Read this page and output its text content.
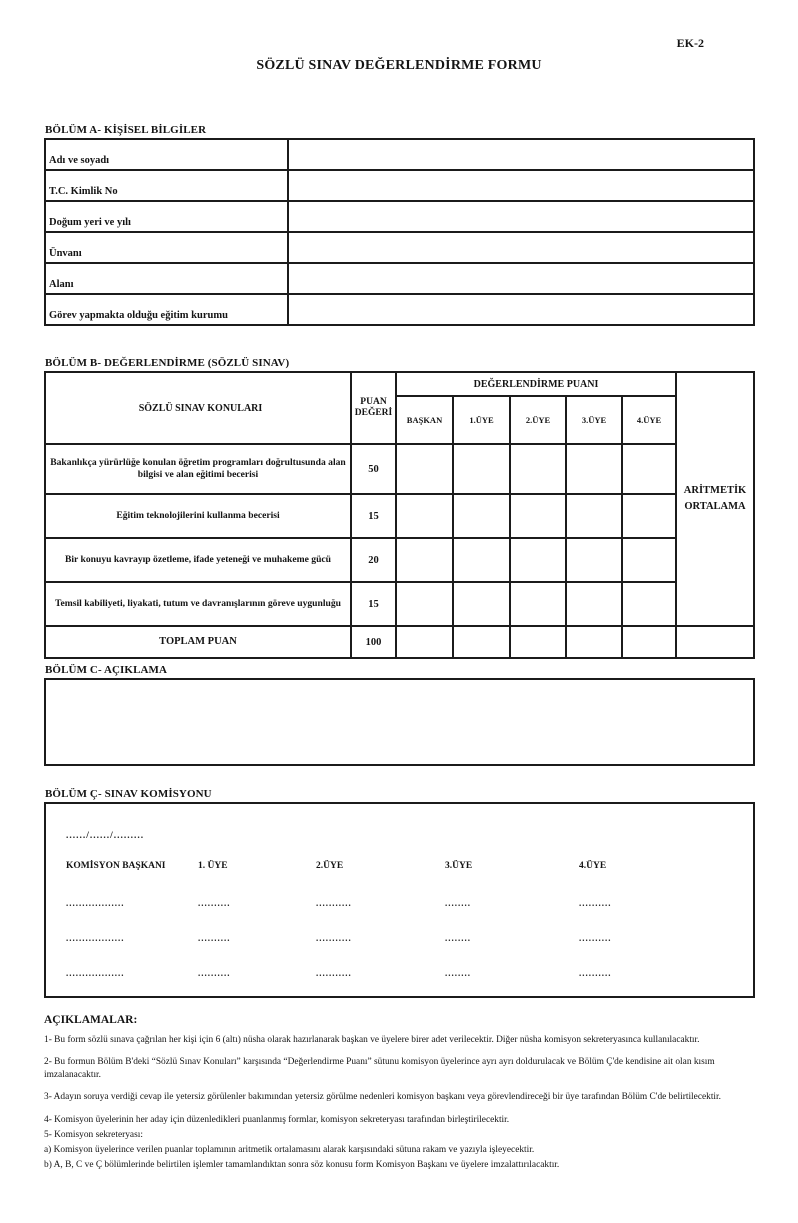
EK-2
SÖZLÜ SINAV DEĞERLENDİRME FORMU
BÖLÜM A- KİŞİSEL BİLGİLER
Adı ve soyadı	
T.C. Kimlik No	
Doğum yeri ve yılı	
Ünvanı	
Alanı	
Görev yapmakta olduğu eğitim kurumu	
BÖLÜM B- DEĞERLENDİRME (SÖZLÜ SINAV)
SÖZLÜ SINAV KONULARI	PUAN DEĞERİ	DEĞERLENDİRME PUANI					ARİTMETİK ORTALAMA
		BAŞKAN	1.ÜYE	2.ÜYE	3.ÜYE	4.ÜYE	
Bakanlıkça yürürlüğe konulan öğretim programları doğrultusunda alan bilgisi ve alan eğitimi becerisi	50						
Eğitim teknolojilerini kullanma becerisi	15						
Bir konuyu kavrayıp özetleme, ifade yeteneği ve muhakeme gücü	20						
Temsil kabiliyeti, liyakati, tutum ve davranışlarının göreve uygunluğu	15						
TOPLAM PUAN	100						
BÖLÜM C- AÇIKLAMA
BÖLÜM Ç- SINAV KOMİSYONU
....../....../.........
KOMİSYON BAŞKANI	1. ÜYE	2.ÜYE	3.ÜYE	4.ÜYE
..................	..........	...........	........	..........
..................	..........	...........	........	..........
..................	..........	...........	........	..........
AÇIKLAMALAR:
1- Bu form sözlü sınava çağrılan her kişi için 6 (altı) nüsha olarak hazırlanarak başkan ve üyelere birer adet verilecektir. Diğer nüsha komisyon sekreteryasınca kullanılacaktır.
2- Bu formun Bölüm B'deki “Sözlü Sınav Konuları” karşısında “Değerlendirme Puanı” sütunu komisyon üyelerince ayrı ayrı doldurulacak ve Bölüm Ç'de kendisine ait olan kısım imzalanacaktır.
3- Adayın soruya verdiği cevap ile yetersiz görülenler bakımından yetersiz görülme nedenleri komisyon başkanı veya görevlendireceği bir üye tarafından Bölüm C'de belirtilecektir.
4- Komisyon üyelerinin her aday için düzenledikleri puanlanmış formlar, komisyon sekreteryası tarafından birleştirilecektir.
5- Komisyon sekreteryası:
a) Komisyon üyelerince verilen puanlar toplamının aritmetik ortalamasını alarak karşısındaki sütuna rakam ve yazıyla işleyecektir.
b) A, B, C ve Ç bölümlerinde belirtilen işlemler tamamlandıktan sonra söz konusu form Komisyon Başkanı ve üyelere imzalattırılacaktır.
